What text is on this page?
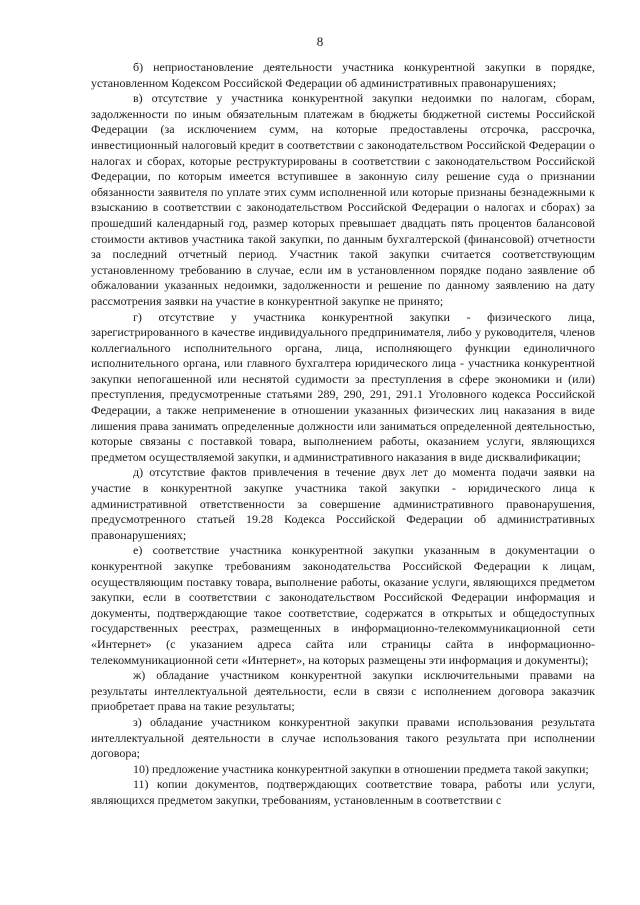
8

б) неприостановление деятельности участника конкурентной закупки в порядке, установленном Кодексом Российской Федерации об административных правонарушениях;

в) отсутствие у участника конкурентной закупки недоимки по налогам, сборам, задолженности по иным обязательным платежам в бюджеты бюджетной системы Российской Федерации (за исключением сумм, на которые предоставлены отсрочка, рассрочка, инвестиционный налоговый кредит в соответствии с законодательством Российской Федерации о налогах и сборах, которые реструктурированы в соответствии с законодательством Российской Федерации, по которым имеется вступившее в законную силу решение суда о признании обязанности заявителя по уплате этих сумм исполненной или которые признаны безнадежными к взысканию в соответствии с законодательством Российской Федерации о налогах и сборах) за прошедший календарный год, размер которых превышает двадцать пять процентов балансовой стоимости активов участника такой закупки, по данным бухгалтерской (финансовой) отчетности за последний отчетный период. Участник такой закупки считается соответствующим установленному требованию в случае, если им в установленном порядке подано заявление об обжаловании указанных недоимки, задолженности и решение по данному заявлению на дату рассмотрения заявки на участие в конкурентной закупке не принято;

г) отсутствие у участника конкурентной закупки - физического лица, зарегистрированного в качестве индивидуального предпринимателя, либо у руководителя, членов коллегиального исполнительного органа, лица, исполняющего функции единоличного исполнительного органа, или главного бухгалтера юридического лица - участника конкурентной закупки непогашенной или неснятой судимости за преступления в сфере экономики и (или) преступления, предусмотренные статьями 289, 290, 291, 291.1 Уголовного кодекса Российской Федерации, а также неприменение в отношении указанных физических лиц наказания в виде лишения права занимать определенные должности или заниматься определенной деятельностью, которые связаны с поставкой товара, выполнением работы, оказанием услуги, являющихся предметом осуществляемой закупки, и административного наказания в виде дисквалификации;

д) отсутствие фактов привлечения в течение двух лет до момента подачи заявки на участие в конкурентной закупке участника такой закупки - юридического лица к административной ответственности за совершение административного правонарушения, предусмотренного статьей 19.28 Кодекса Российской Федерации об административных правонарушениях;

е) соответствие участника конкурентной закупки указанным в документации о конкурентной закупке требованиям законодательства Российской Федерации к лицам, осуществляющим поставку товара, выполнение работы, оказание услуги, являющихся предметом закупки, если в соответствии с законодательством Российской Федерации информация и документы, подтверждающие такое соответствие, содержатся в открытых и общедоступных государственных реестрах, размещенных в информационно-телекоммуникационной сети «Интернет» (с указанием адреса сайта или страницы сайта в информационно-телекоммуникационной сети «Интернет», на которых размещены эти информация и документы);

ж) обладание участником конкурентной закупки исключительными правами на результаты интеллектуальной деятельности, если в связи с исполнением договора заказчик приобретает права на такие результаты;

з) обладание участником конкурентной закупки правами использования результата интеллектуальной деятельности в случае использования такого результата при исполнении договора;

10) предложение участника конкурентной закупки в отношении предмета такой закупки;

11) копии документов, подтверждающих соответствие товара, работы или услуги, являющихся предметом закупки, требованиям, установленным в соответствии с
